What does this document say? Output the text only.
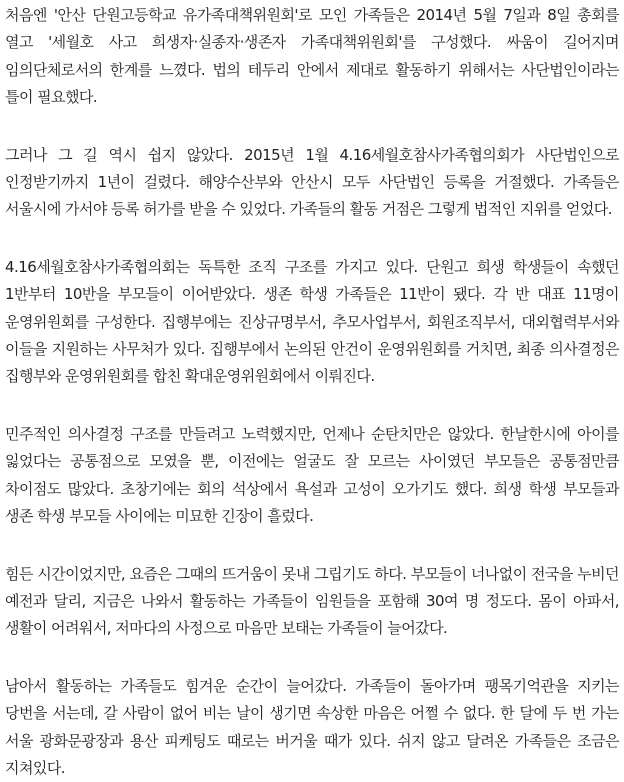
처음엔 '안산 단원고등학교 유가족대책위원회'로 모인 가족들은 2014년 5월 7일과 8일 총회를 열고 '세월호 사고 희생자·실종자·생존자 가족대책위원회'를 구성했다. 싸움이 길어지며 임의단체로서의 한계를 느꼈다. 법의 테두리 안에서 제대로 활동하기 위해서는 사단법인이라는 틀이 필요했다.

그러나 그 길 역시 쉽지 않았다. 2015년 1월 4.16세월호참사가족협의회가 사단법인으로 인정받기까지 1년이 걸렸다. 해양수산부와 안산시 모두 사단법인 등록을 거절했다. 가족들은 서울시에 가서야 등록 허가를 받을 수 있었다. 가족들의 활동 거점은 그렇게 법적인 지위를 얻었다.

4.16세월호참사가족협의회는 독특한 조직 구조를 가지고 있다. 단원고 희생 학생들이 속했던 1반부터 10반을 부모들이 이어받았다. 생존 학생 가족들은 11반이 됐다. 각 반 대표 11명이 운영위원회를 구성한다. 집행부에는 진상규명부서, 추모사업부서, 회원조직부서, 대외협력부서와 이들을 지원하는 사무처가 있다. 집행부에서 논의된 안건이 운영위원회를 거치면, 최종 의사결정은 집행부와 운영위원회를 합친 확대운영위원회에서 이뤄진다.

민주적인 의사결정 구조를 만들려고 노력했지만, 언제나 순탄치만은 않았다. 한날한시에 아이를 잃었다는 공통점으로 모였을 뿐, 이전에는 얼굴도 잘 모르는 사이였던 부모들은 공통점만큼 차이점도 많았다. 초창기에는 회의 석상에서 욕설과 고성이 오가기도 했다. 희생 학생 부모들과 생존 학생 부모들 사이에는 미묘한 긴장이 흘렀다.

힘든 시간이었지만, 요즘은 그때의 뜨거움이 못내 그립기도 하다. 부모들이 너나없이 전국을 누비던 예전과 달리, 지금은 나와서 활동하는 가족들이 임원들을 포함해 30여 명 정도다. 몸이 아파서, 생활이 어려워서, 저마다의 사정으로 마음만 보태는 가족들이 늘어갔다.

남아서 활동하는 가족들도 힘겨운 순간이 늘어갔다. 가족들이 돌아가며 팽목기억관을 지키는 당번을 서는데, 갈 사람이 없어 비는 날이 생기면 속상한 마음은 어쩔 수 없다. 한 달에 두 번 가는 서울 광화문광장과 용산 피케팅도 때로는 버거울 때가 있다. 쉬지 않고 달려온 가족들은 조금은 지쳐있다.
